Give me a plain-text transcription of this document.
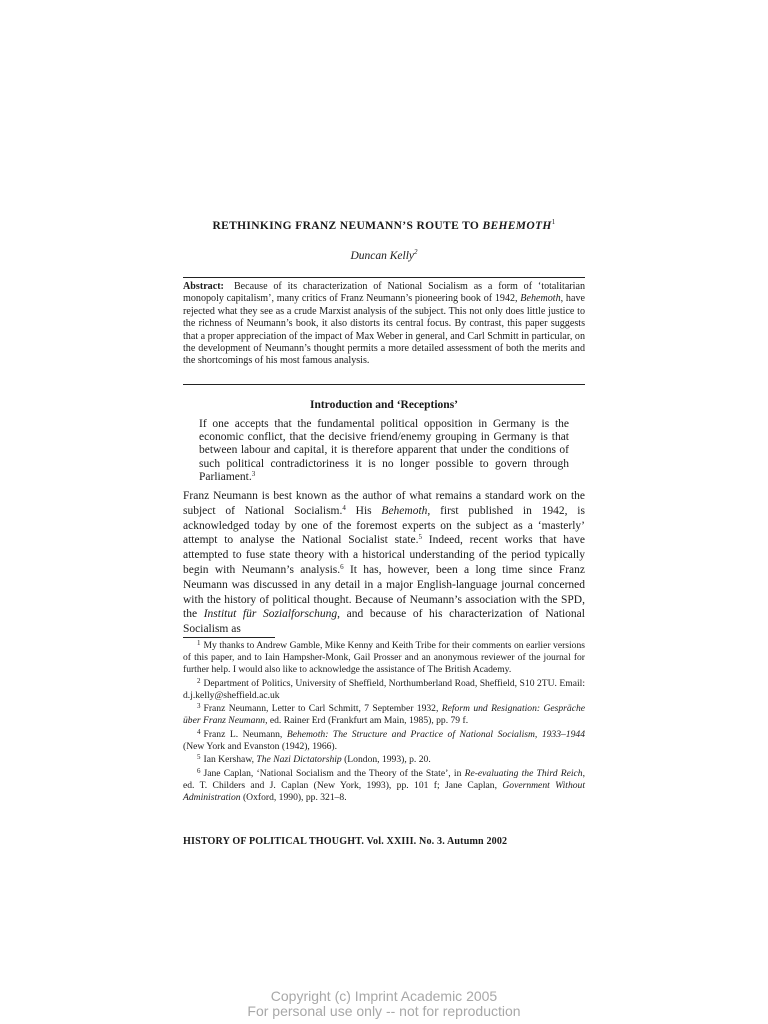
RETHINKING FRANZ NEUMANN’S ROUTE TO BEHEMOTH$^1$
Duncan Kelly$^2$
Abstract: Because of its characterization of National Socialism as a form of ‘totalitarian monopoly capitalism’, many critics of Franz Neumann’s pioneering book of 1942, Behemoth, have rejected what they see as a crude Marxist analysis of the subject. This not only does little justice to the richness of Neumann’s book, it also distorts its central focus. By contrast, this paper suggests that a proper appreciation of the impact of Max Weber in general, and Carl Schmitt in particular, on the development of Neumann’s thought permits a more detailed assessment of both the merits and the shortcomings of his most famous analysis.
Introduction and ‘Receptions’
If one accepts that the fundamental political opposition in Germany is the economic conflict, that the decisive friend/enemy grouping in Germany is that between labour and capital, it is therefore apparent that under the conditions of such political contradictoriness it is no longer possible to govern through Parliament.$^3$
Franz Neumann is best known as the author of what remains a standard work on the subject of National Socialism.$^4$ His Behemoth, first published in 1942, is acknowledged today by one of the foremost experts on the subject as a ‘masterly’ attempt to analyse the National Socialist state.$^5$ Indeed, recent works that have attempted to fuse state theory with a historical understanding of the period typically begin with Neumann’s analysis.$^6$ It has, however, been a long time since Franz Neumann was discussed in any detail in a major English-language journal concerned with the history of political thought. Because of Neumann’s association with the SPD, the Institut für Sozialforschung, and because of his characterization of National Socialism as
$^1$ My thanks to Andrew Gamble, Mike Kenny and Keith Tribe for their comments on earlier versions of this paper, and to Iain Hampsher-Monk, Gail Prosser and an anonymous reviewer of the journal for further help. I would also like to acknowledge the assistance of The British Academy.
$^2$ Department of Politics, University of Sheffield, Northumberland Road, Sheffield, S10 2TU. Email: d.j.kelly@sheffield.ac.uk
$^3$ Franz Neumann, Letter to Carl Schmitt, 7 September 1932, Reform und Resignation: Gespräche über Franz Neumann, ed. Rainer Erd (Frankfurt am Main, 1985), pp. 79 f.
$^4$ Franz L. Neumann, Behemoth: The Structure and Practice of National Socialism, 1933–1944 (New York and Evanston (1942), 1966).
$^5$ Ian Kershaw, The Nazi Dictatorship (London, 1993), p. 20.
$^6$ Jane Caplan, ‘National Socialism and the Theory of the State’, in Re-evaluating the Third Reich, ed. T. Childers and J. Caplan (New York, 1993), pp. 101 f; Jane Caplan, Government Without Administration (Oxford, 1990), pp. 321–8.
HISTORY OF POLITICAL THOUGHT. Vol. XXIII. No. 3. Autumn 2002
Copyright (c) Imprint Academic 2005
For personal use only -- not for reproduction
